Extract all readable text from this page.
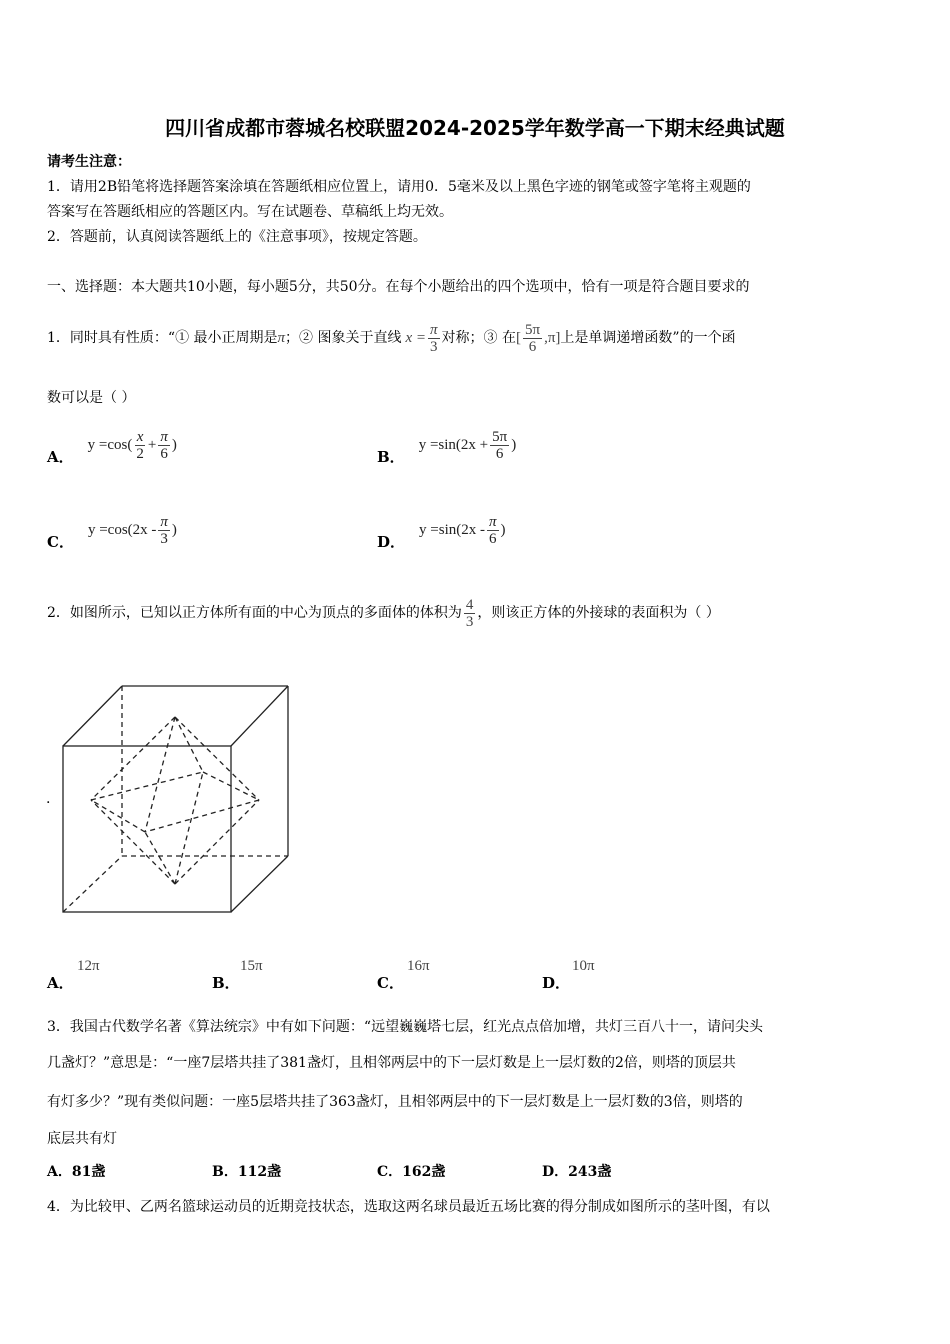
四川省成都市蓉城名校联盟2024-2025学年数学高一下期末经典试题
请考生注意：
1．请用2B铅笔将选择题答案涂填在答题纸相应位置上，请用0．5毫米及以上黑色字迹的钢笔或签字笔将主观题的
答案写在答题纸相应的答题区内。写在试题卷、草稿纸上均无效。
2．答题前，认真阅读答题纸上的《注意事项》，按规定答题。
一、选择题：本大题共10小题，每小题5分，共50分。在每个小题给出的四个选项中，恰有一项是符合题目要求的
1． 同时具有性质：“① 最小正周期是 π ；② 图象关于直线 $x = \frac{\pi}{3}$ 对称；③ 在 [ $\frac{5\pi}{6} ,\pi$] 上是单调递增函数”的一个函
数可以是（ ）
A．
$y =\cos( \frac{x}{2} + \frac{\pi}{6}$ )
B．
$y =\sin(2x + \frac{5\pi}{6}$ )
C．
$y =\cos(2x - \frac{\pi}{3}$ )
D．
$y =\sin(2x - \frac{\pi}{6}$ )
2． 如图所示，已知以正方体所有面的中心为顶点的多面体的体积为 $\frac{4}{3}$ ，则该正方体的外接球的表面积为（ ）
.
A．
12π
B．
15π
C．
16π
D．
10π
3．我国古代数学名著《算法统宗》中有如下问题：“远望巍巍塔七层，红光点点倍加增，共灯三百八十一，请问尖头
几盏灯？”意思是：“一座7层塔共挂了381盏灯，且相邻两层中的下一层灯数是上一层灯数的2倍，则塔的顶层共
有灯多少？”现有类似问题：一座5层塔共挂了363盏灯，且相邻两层中的下一层灯数是上一层灯数的3倍，则塔的
底层共有灯
A．81盏	B．112盏	C．162盏	D．243盏
4．为比较甲、乙两名篮球运动员的近期竞技状态，选取这两名球员最近五场比赛的得分制成如图所示的茎叶图，有以
